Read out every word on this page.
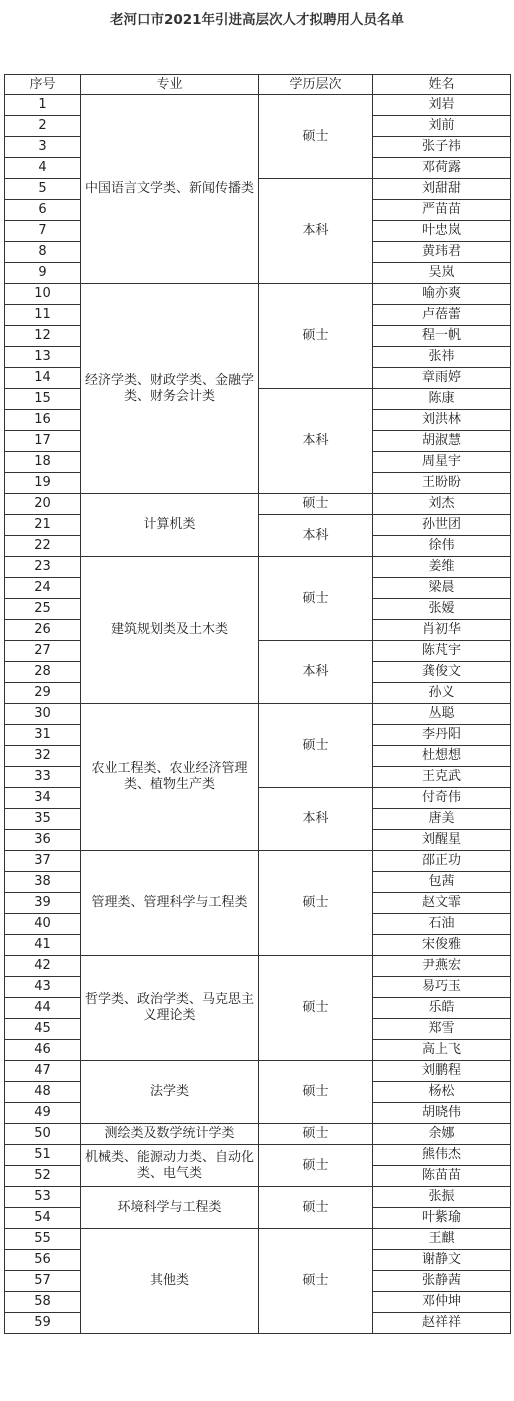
老河口市2021年引进高层次人才拟聘用人员名单
序号	专业	学历层次	姓名
1	中国语言文学类、新闻传播类	硕士	刘岩
2			刘前
3			张子祎
4			邓荷露
5		本科	刘甜甜
6			严苗苗
7			叶忠岚
8			黄玮君
9			吴岚
10	经济学类、财政学类、金融学类、财务会计类	硕士	喻亦爽
11			卢蓓蕾
12			程一帆
13			张祎
14			章雨婷
15		本科	陈康
16			刘洪林
17			胡淑慧
18			周星宇
19			王盼盼
20	计算机类	硕士	刘杰
21		本科	孙世团
22			徐伟
23	建筑规划类及土木类	硕士	姜维
24			梁晨
25			张嫒
26			肖初华
27		本科	陈芃宇
28			龚俊文
29			孙义
30	农业工程类、农业经济管理类、植物生产类	硕士	丛聪
31			李丹阳
32			杜想想
33			王克武
34		本科	付奇伟
35			唐美
36			刘醒星
37	管理类、管理科学与工程类	硕士	邵正功
38			包茜
39			赵文霏
40			石油
41			宋俊雅
42	哲学类、政治学类、马克思主义理论类	硕士	尹燕宏
43			易巧玉
44			乐皓
45			郑雪
46			高上飞
47	法学类	硕士	刘鹏程
48			杨松
49			胡晓伟
50	测绘类及数学统计学类	硕士	余娜
51	机械类、能源动力类、自动化类、电气类	硕士	熊伟杰
52			陈苗苗
53	环境科学与工程类	硕士	张振
54			叶紫瑜
55	其他类	硕士	王麒
56			谢静文
57			张静茜
58			邓仲坤
59			赵祥祥
